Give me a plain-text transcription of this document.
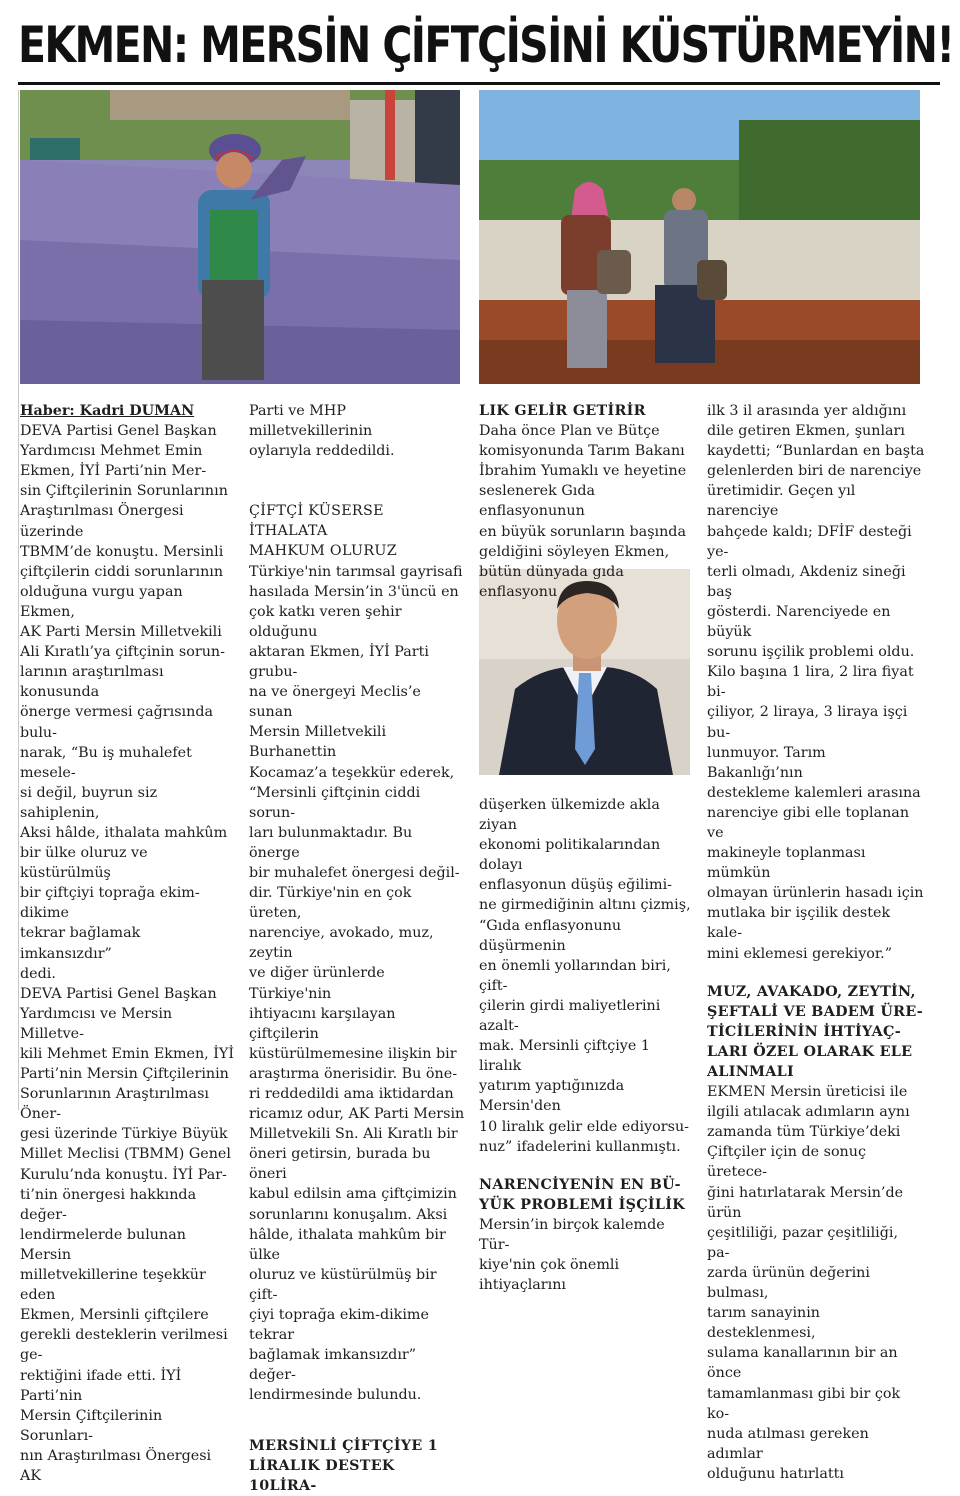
EKMEN: MERSİN ÇİFTÇİSİNİ KÜSTÜRMEYİN!

Haber: Kadri DUMAN

DEVA Partisi Genel Başkan
Yardımcısı Mehmet Emin
Ekmen, İYİ Parti’nin Mer-
sin Çiftçilerinin Sorunlarının
Araştırılması Önergesi üzerinde
TBMM’de konuştu. Mersinli
çiftçilerin ciddi sorunlarının
olduğuna vurgu yapan Ekmen,
AK Parti Mersin Milletvekili
Ali Kıratlı’ya çiftçinin sorun-
larının araştırılması konusunda
önerge vermesi çağrısında bulu-
narak, “Bu iş muhalefet mesele-
si değil, buyrun siz sahiplenin,
Aksi hâlde, ithalata mahkûm
bir ülke oluruz ve küstürülmüş
bir çiftçiyi toprağa ekim-dikime
tekrar bağlamak imkansızdır”
dedi.
DEVA Partisi Genel Başkan
Yardımcısı ve Mersin Milletve-
kili Mehmet Emin Ekmen, İYİ
Parti’nin Mersin Çiftçilerinin
Sorunlarının Araştırılması Öner-
gesi üzerinde Türkiye Büyük
Millet Meclisi (TBMM) Genel
Kurulu’nda konuştu. İYİ Par-
ti’nin önergesi hakkında değer-
lendirmelerde bulunan Mersin
milletvekillerine teşekkür eden
Ekmen, Mersinli çiftçilere
gerekli desteklerin verilmesi ge-
rektiğini ifade etti. İYİ Parti’nin
Mersin Çiftçilerinin Sorunları-
nın Araştırılması Önergesi AK
Parti ve MHP milletvekillerinin
oylarıyla reddedildi.
ÇİFTÇİ KÜSERSE İTHALATA
MAHKUM OLURUZ
Türkiye'nin tarımsal gayrisafi
hasılada Mersin’in 3'üncü en
çok katkı veren şehir olduğunu
aktaran Ekmen, İYİ Parti grubu-
na ve önergeyi Meclis’e sunan
Mersin Milletvekili Burhanettin
Kocamaz’a teşekkür ederek,
“Mersinli çiftçinin ciddi sorun-
ları bulunmaktadır. Bu önerge
bir muhalefet önergesi değil-
dir. Türkiye'nin en çok üreten,
narenciye, avokado, muz, zeytin
ve diğer ürünlerde Türkiye'nin
ihtiyacını karşılayan çiftçilerin
küstürülmemesine ilişkin bir
araştırma önerisidir. Bu öne-
ri reddedildi ama iktidardan
ricamız odur, AK Parti Mersin
Milletvekili Sn. Ali Kıratlı bir
öneri getirsin, burada bu öneri
kabul edilsin ama çiftçimizin
sorunlarını konuşalım. Aksi
hâlde, ithalata mahkûm bir ülke
oluruz ve küstürülmüş bir çift-
çiyi toprağa ekim-dikime tekrar
bağlamak imkansızdır” değer-
lendirmesinde bulundu.
MERSİNLİ ÇİFTÇİYE 1
LİRALIK DESTEK 10LİRA-

LIK GELİR GETİRİR

Daha önce Plan ve Bütçe
komisyonunda Tarım Bakanı
İbrahim Yumaklı ve heyetine
seslenerek Gıda enflasyonunun
en büyük sorunların başında
geldiğini söyleyen Ekmen,
bütün dünyada gıda enflasyonu
düşerken ülkemizde akla ziyan
ekonomi politikalarından dolayı
enflasyonun düşüş eğilimi-
ne girmediğinin altını çizmiş,
“Gıda enflasyonunu düşürmenin
en önemli yollarından biri, çift-
çilerin girdi maliyetlerini azalt-
mak. Mersinli çiftçiye 1 liralık
yatırım yaptığınızda Mersin'den
10 liralık gelir elde ediyorsu-
nuz” ifadelerini kullanmıştı.
NARENCİYENİN EN BÜ-
YÜK PROBLEMİ İŞÇİLİK
Mersin’in birçok kalemde Tür-
kiye'nin çok önemli ihtiyaçlarını
ilk 3 il arasında yer aldığını
dile getiren Ekmen, şunları
kaydetti; “Bunlardan en başta
gelenlerden biri de narenciye
üretimidir. Geçen yıl narenciye
bahçede kaldı; DFİF desteği ye-
terli olmadı, Akdeniz sineği baş
gösterdi. Narenciyede en büyük
sorunu işçilik problemi oldu.
Kilo başına 1 lira, 2 lira fiyat bi-
çiliyor, 2 liraya, 3 liraya işçi bu-
lunmuyor. Tarım Bakanlığı’nın
destekleme kalemleri arasına
narenciye gibi elle toplanan ve
makineyle toplanması mümkün
olmayan ürünlerin hasadı için
mutlaka bir işçilik destek kale-
mini eklemesi gerekiyor.”
MUZ, AVAKADO, ZEYTİN,
ŞEFTALİ VE BADEM ÜRE-
TİCİLERİNİN İHTİYAÇ-
LARI ÖZEL OLARAK ELE
ALINMALI
EKMEN Mersin üreticisi ile
ilgili atılacak adımların aynı
zamanda tüm Türkiye’deki
Çiftçiler için de sonuç üretece-
ğini hatırlatarak Mersin’de ürün
çeşitliliği, pazar çeşitliliği, pa-
zarda ürünün değerini bulması,
tarım sanayinin desteklenmesi,
sulama kanallarının bir an önce
tamamlanması gibi bir çok ko-
nuda atılması gereken adımlar
olduğunu hatırlattı
